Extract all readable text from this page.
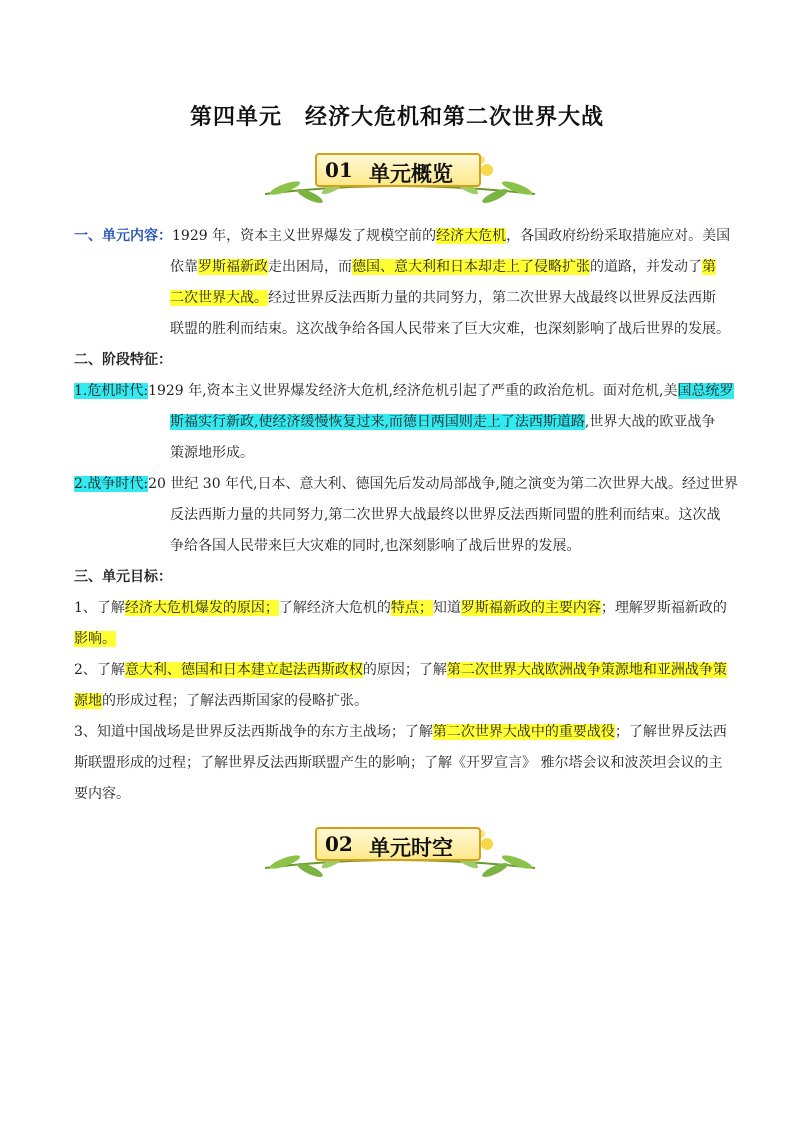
第四单元　经济大危机和第二次世界大战
01 单元概览
一、单元内容：1929 年，资本主义世界爆发了规模空前的经济大危机，各国政府纷纷采取措施应对。美国
依靠罗斯福新政走出困局，而德国、意大利和日本却走上了侵略扩张的道路，并发动了第
二次世界大战。经过世界反法西斯力量的共同努力，第二次世界大战最终以世界反法西斯
联盟的胜利而结束。这次战争给各国人民带来了巨大灾难，也深刻影响了战后世界的发展。
二、阶段特征：
1.危机时代:1929 年,资本主义世界爆发经济大危机,经济危机引起了严重的政治危机。面对危机,美国总统罗
斯福实行新政,使经济缓慢恢复过来,而德日两国则走上了法西斯道路,世界大战的欧亚战争
策源地形成。
2.战争时代:20 世纪 30 年代,日本、意大利、德国先后发动局部战争,随之演变为第二次世界大战。经过世界
反法西斯力量的共同努力,第二次世界大战最终以世界反法西斯同盟的胜利而结束。这次战
争给各国人民带来巨大灾难的同时,也深刻影响了战后世界的发展。
三、单元目标：
1、了解经济大危机爆发的原因；了解经济大危机的特点；知道罗斯福新政的主要内容；理解罗斯福新政的
影响。
2、了解意大利、德国和日本建立起法西斯政权的原因；了解第二次世界大战欧洲战争策源地和亚洲战争策
源地的形成过程；了解法西斯国家的侵略扩张。
3、知道中国战场是世界反法西斯战争的东方主战场；了解第二次世界大战中的重要战役；了解世界反法西
斯联盟形成的过程；了解世界反法西斯联盟产生的影响；了解《开罗宣言》 雅尔塔会议和波茨坦会议的主
要内容。
02 单元时空
